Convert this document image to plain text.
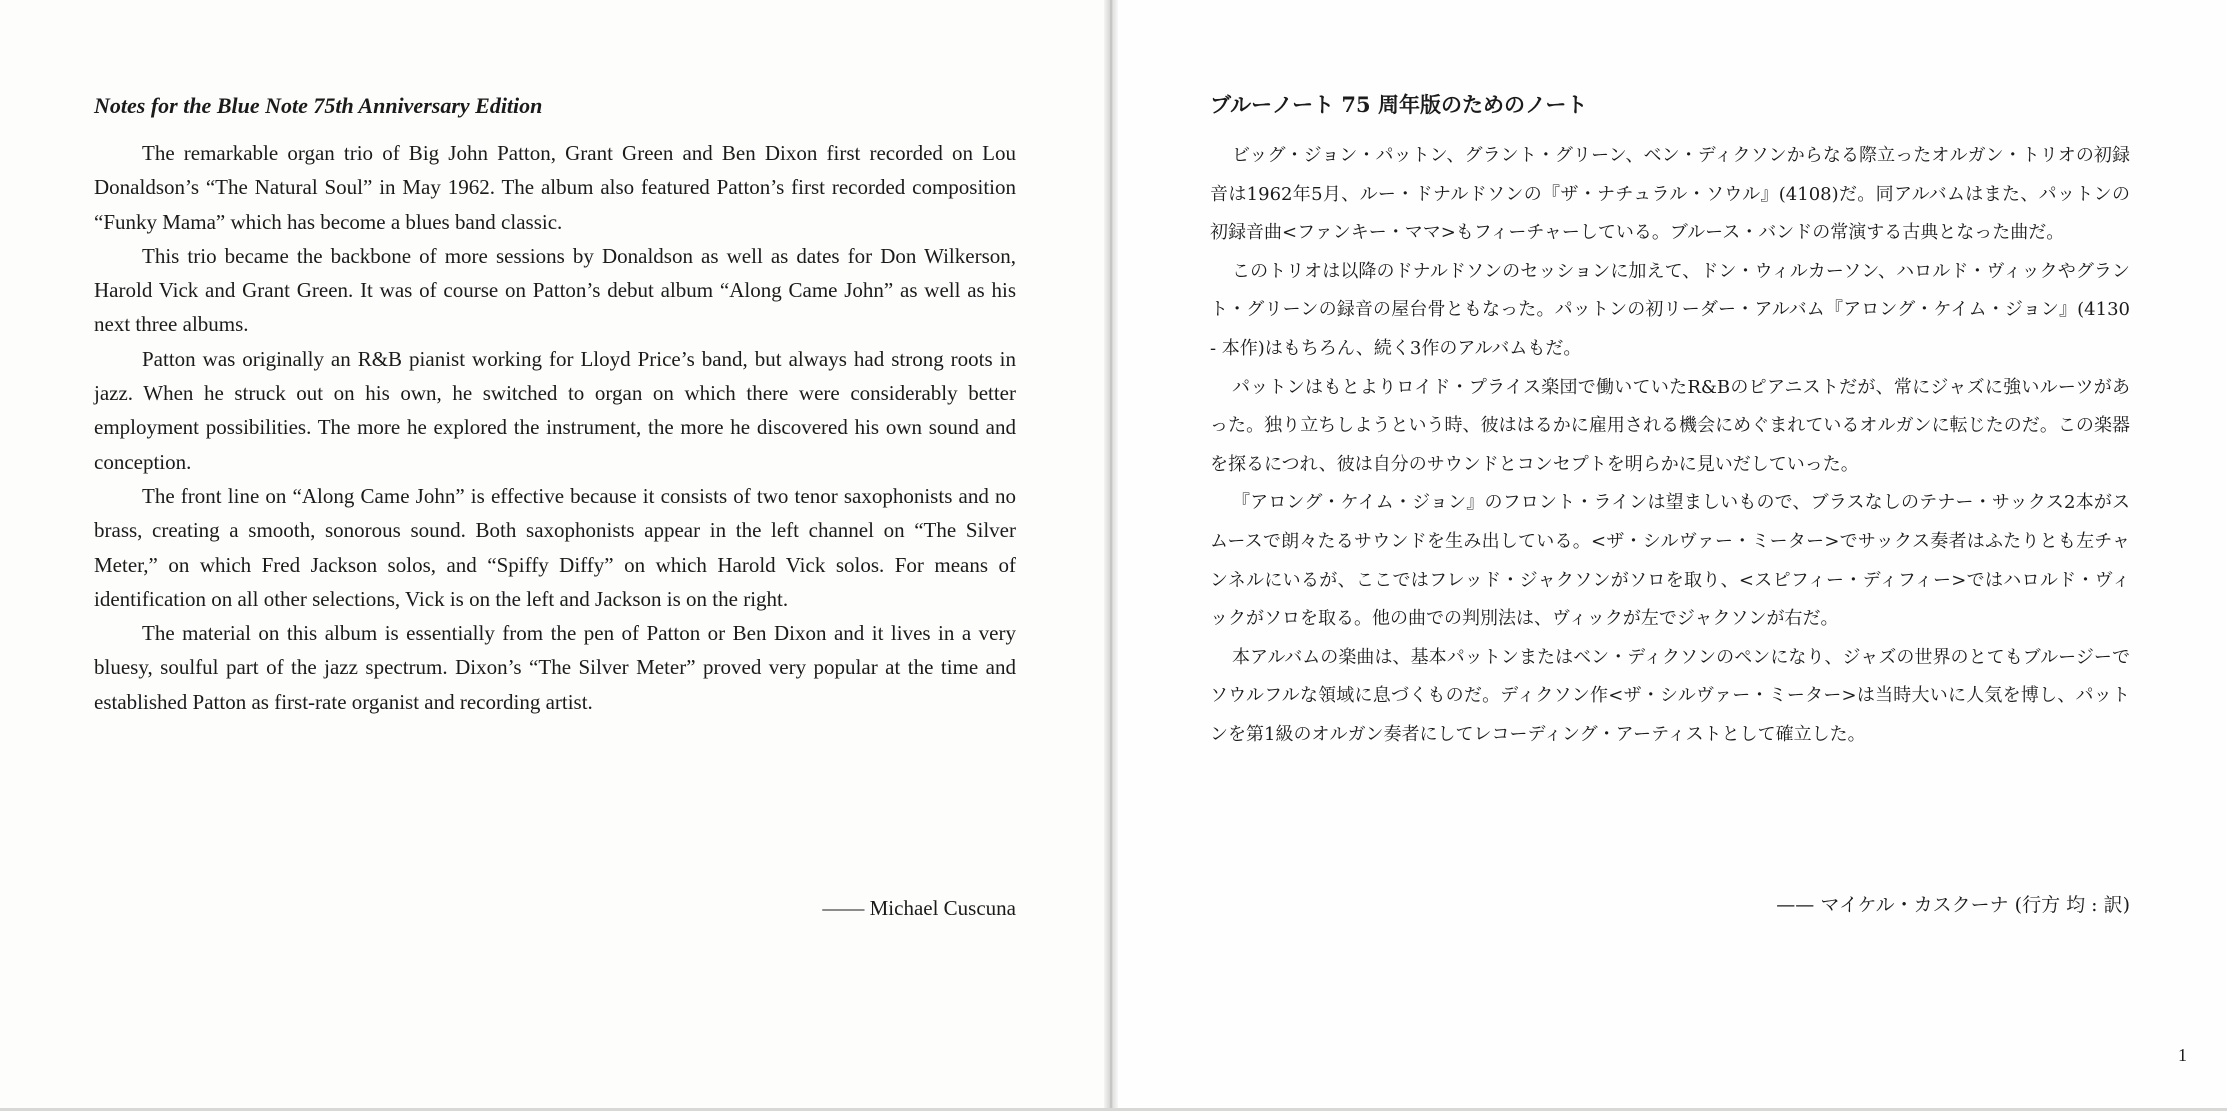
Notes for the Blue Note 75th Anniversary Edition

The remarkable organ trio of Big John Patton, Grant Green and Ben Dixon first recorded on Lou Donaldson’s “The Natural Soul” in May 1962. The album also featured Patton’s first recorded composition “Funky Mama” which has become a blues band classic.

This trio became the backbone of more sessions by Donaldson as well as dates for Don Wilkerson, Harold Vick and Grant Green. It was of course on Patton’s debut album “Along Came John” as well as his next three albums.

Patton was originally an R&B pianist working for Lloyd Price’s band, but always had strong roots in jazz. When he struck out on his own, he switched to organ on which there were considerably better employment possibilities. The more he explored the instrument, the more he discovered his own sound and conception.

The front line on “Along Came John” is effective because it consists of two tenor saxophonists and no brass, creating a smooth, sonorous sound. Both saxophonists appear in the left channel on “The Silver Meter,” on which Fred Jackson solos, and “Spiffy Diffy” on which Harold Vick solos. For means of identification on all other selections, Vick is on the left and Jackson is on the right.

The material on this album is essentially from the pen of Patton or Ben Dixon and it lives in a very bluesy, soulful part of the jazz spectrum. Dixon’s “The Silver Meter” proved very popular at the time and established Patton as first-rate organist and recording artist.

—— Michael Cuscuna
ブルーノート 75 周年版のためのノート

ビッグ・ジョン・パットン、グラント・グリーン、ベン・ディクソンからなる際立ったオルガン・トリオの初録音は1962年5月、ルー・ドナルドソンの『ザ・ナチュラル・ソウル』(4108)だ。同アルバムはまた、パットンの初録音曲<ファンキー・ママ>もフィーチャーしている。ブルース・バンドの常演する古典となった曲だ。

このトリオは以降のドナルドソンのセッションに加えて、ドン・ウィルカーソン、ハロルド・ヴィックやグラント・グリーンの録音の屋台骨ともなった。パットンの初リーダー・アルバム『アロング・ケイム・ジョン』(4130 - 本作)はもちろん、続く3作のアルバムもだ。

パットンはもとよりロイド・プライス楽団で働いていたR&Bのピアニストだが、常にジャズに強いルーツがあった。独り立ちしようという時、彼ははるかに雇用される機会にめぐまれているオルガンに転じたのだ。この楽器を探るにつれ、彼は自分のサウンドとコンセプトを明らかに見いだしていった。

『アロング・ケイム・ジョン』のフロント・ラインは望ましいもので、ブラスなしのテナー・サックス2本がスムースで朗々たるサウンドを生み出している。<ザ・シルヴァー・ミーター>でサックス奏者はふたりとも左チャンネルにいるが、ここではフレッド・ジャクソンがソロを取り、<スピフィー・ディフィー>ではハロルド・ヴィックがソロを取る。他の曲での判別法は、ヴィックが左でジャクソンが右だ。

本アルバムの楽曲は、基本パットンまたはベン・ディクソンのペンになり、ジャズの世界のとてもブルージーでソウルフルな領域に息づくものだ。ディクソン作<ザ・シルヴァー・ミーター>は当時大いに人気を博し、パットンを第1級のオルガン奏者にしてレコーディング・アーティストとして確立した。

—— マイケル・カスクーナ (行方 均 : 訳)
1
